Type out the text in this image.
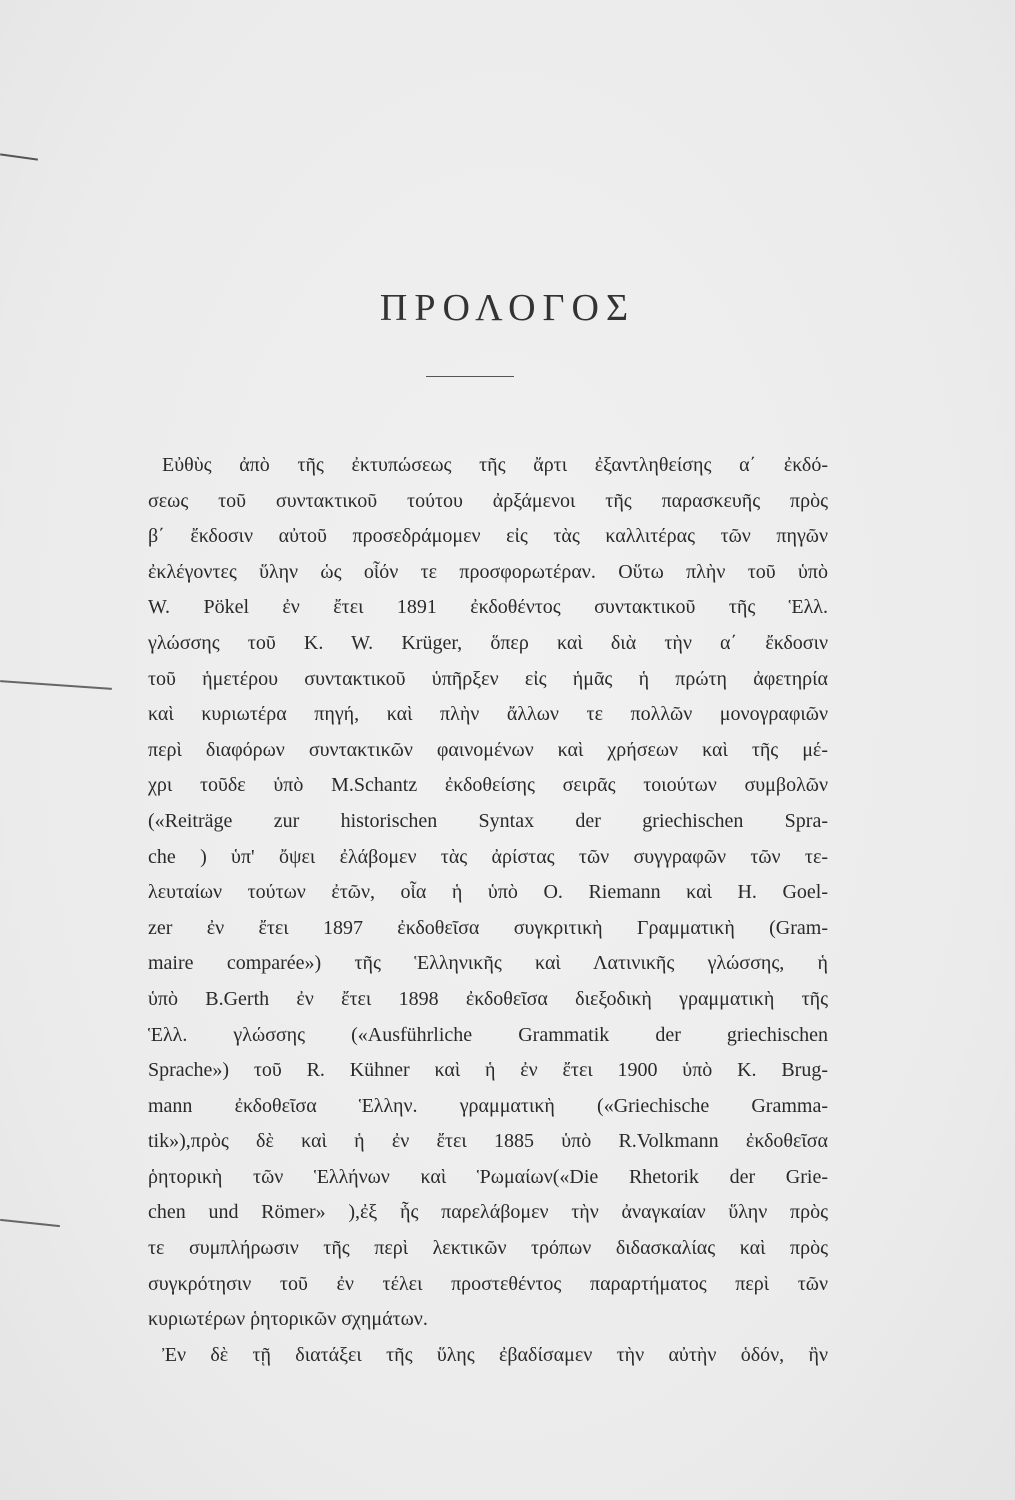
ΠΡΟΛΟΓΟΣ
Εὐθὺς ἀπὸ τῆς ἐκτυπώσεως τῆς ἄρτι ἐξαντληθείσης α΄ ἐκδό-
σεως τοῦ συντακτικοῦ τούτου ἀρξάμενοι τῆς παρασκευῆς πρὸς
β΄ ἔκδοσιν αὐτοῦ προσεδράμομεν εἰς τὰς καλλιτέρας τῶν πηγῶν
ἐκλέγοντες ὕλην ὡς οἷόν τε προσφορωτέραν. Οὕτω πλὴν τοῦ ὑπὸ
W. Pökel ἐν ἔτει 1891 ἐκδοθέντος συντακτικοῦ τῆς Ἑλλ.
γλώσσης τοῦ K. W. Krüger, ὅπερ καὶ διὰ τὴν α΄ ἔκδοσιν
τοῦ ἡμετέρου συντακτικοῦ ὑπῆρξεν εἰς ἡμᾶς ἡ πρώτη ἀφετηρία
καὶ κυριωτέρα πηγή, καὶ πλὴν ἄλλων τε πολλῶν μονογραφιῶν
περὶ διαφόρων συντακτικῶν φαινομένων καὶ χρήσεων καὶ τῆς μέ-
χρι τοῦδε ὑπὸ M.Schantz ἐκδοθείσης σειρᾶς τοιούτων συμβολῶν
(«Reiträge zur historischen Syntax der griechischen Spra-
che ) ὑπ' ὄψει ἐλάβομεν τὰς ἀρίστας τῶν συγγραφῶν τῶν τε-
λευταίων τούτων ἐτῶν, οἷα ἡ ὑπὸ O. Riemann καὶ H. Goel-
zer ἐν ἔτει 1897 ἐκδοθεῖσα συγκριτικὴ Γραμματικὴ (Gram-
maire comparée») τῆς Ἑλληνικῆς καὶ Λατινικῆς γλώσσης, ἡ
ὑπὸ B.Gerth ἐν ἔτει 1898 ἐκδοθεῖσα διεξοδικὴ γραμματικὴ τῆς
Ἑλλ. γλώσσης («Ausführliche Grammatik der griechischen
Sprache») τοῦ R. Kühner καὶ ἡ ἐν ἔτει 1900 ὑπὸ K. Brug-
mann ἐκδοθεῖσα Ἑλλην. γραμματικὴ («Griechische Gramma-
tik»),πρὸς δὲ καὶ ἡ ἐν ἔτει 1885 ὑπὸ R.Volkmann ἐκδοθεῖσα
ῥητορικὴ τῶν Ἑλλήνων καὶ Ῥωμαίων(«Die Rhetorik der Grie-
chen und Römer» ),ἐξ ἧς παρελάβομεν τὴν ἀναγκαίαν ὕλην πρὸς
τε συμπλήρωσιν τῆς περὶ λεκτικῶν τρόπων διδασκαλίας καὶ πρὸς
συγκρότησιν τοῦ ἐν τέλει προστεθέντος παραρτήματος περὶ τῶν
κυριωτέρων ῥητορικῶν σχημάτων.
Ἐν δὲ τῇ διατάξει τῆς ὕλης ἐβαδίσαμεν τὴν αὐτὴν ὁδόν, ἣν
